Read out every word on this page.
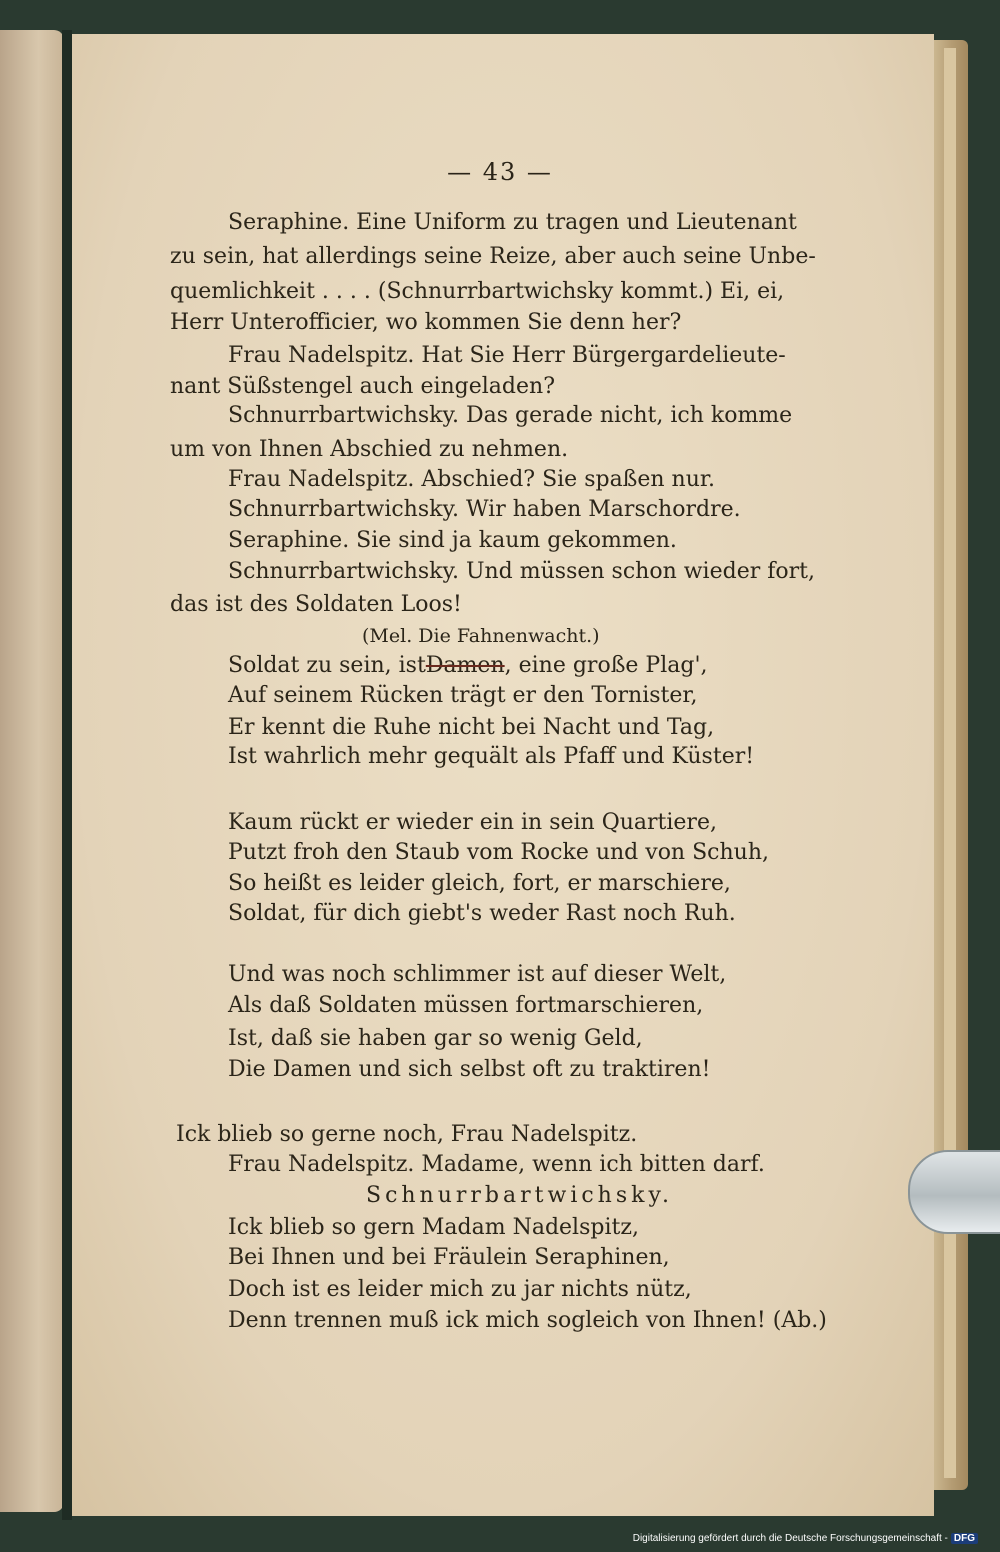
— 43 —
Seraphine. Eine Uniform zu tragen und Lieutenant
zu sein, hat allerdings seine Reize, aber auch seine Unbe-
quemlichkeit . . . . (Schnurrbartwichsky kommt.) Ei, ei,
Herr Unterofficier, wo kommen Sie denn her?
Frau Nadelspitz. Hat Sie Herr Bürgergardelieute-
nant Süßstengel auch eingeladen?
Schnurrbartwichsky. Das gerade nicht, ich komme
um von Ihnen Abschied zu nehmen.
Frau Nadelspitz. Abschied? Sie spaßen nur.
Schnurrbartwichsky. Wir haben Marschordre.
Seraphine. Sie sind ja kaum gekommen.
Schnurrbartwichsky. Und müssen schon wieder fort,
das ist des Soldaten Loos!
(Mel. Die Fahnenwacht.)
Soldat zu sein, istDamen, eine große Plag',
Auf seinem Rücken trägt er den Tornister,
Er kennt die Ruhe nicht bei Nacht und Tag,
Ist wahrlich mehr gequält als Pfaff und Küster!
Kaum rückt er wieder ein in sein Quartiere,
Putzt froh den Staub vom Rocke und von Schuh,
So heißt es leider gleich, fort, er marschiere,
Soldat, für dich giebt's weder Rast noch Ruh.
Und was noch schlimmer ist auf dieser Welt,
Als daß Soldaten müssen fortmarschieren,
Ist, daß sie haben gar so wenig Geld,
Die Damen und sich selbst oft zu traktiren!
Ick blieb so gerne noch, Frau Nadelspitz.
Frau Nadelspitz. Madame, wenn ich bitten darf.
Schnurrbartwichsky.
Ick blieb so gern Madam Nadelspitz,
Bei Ihnen und bei Fräulein Seraphinen,
Doch ist es leider mich zu jar nichts nütz,
Denn trennen muß ick mich sogleich von Ihnen! (Ab.)
Digitalisierung gefördert durch die Deutsche Forschungsgemeinschaft - DFG
